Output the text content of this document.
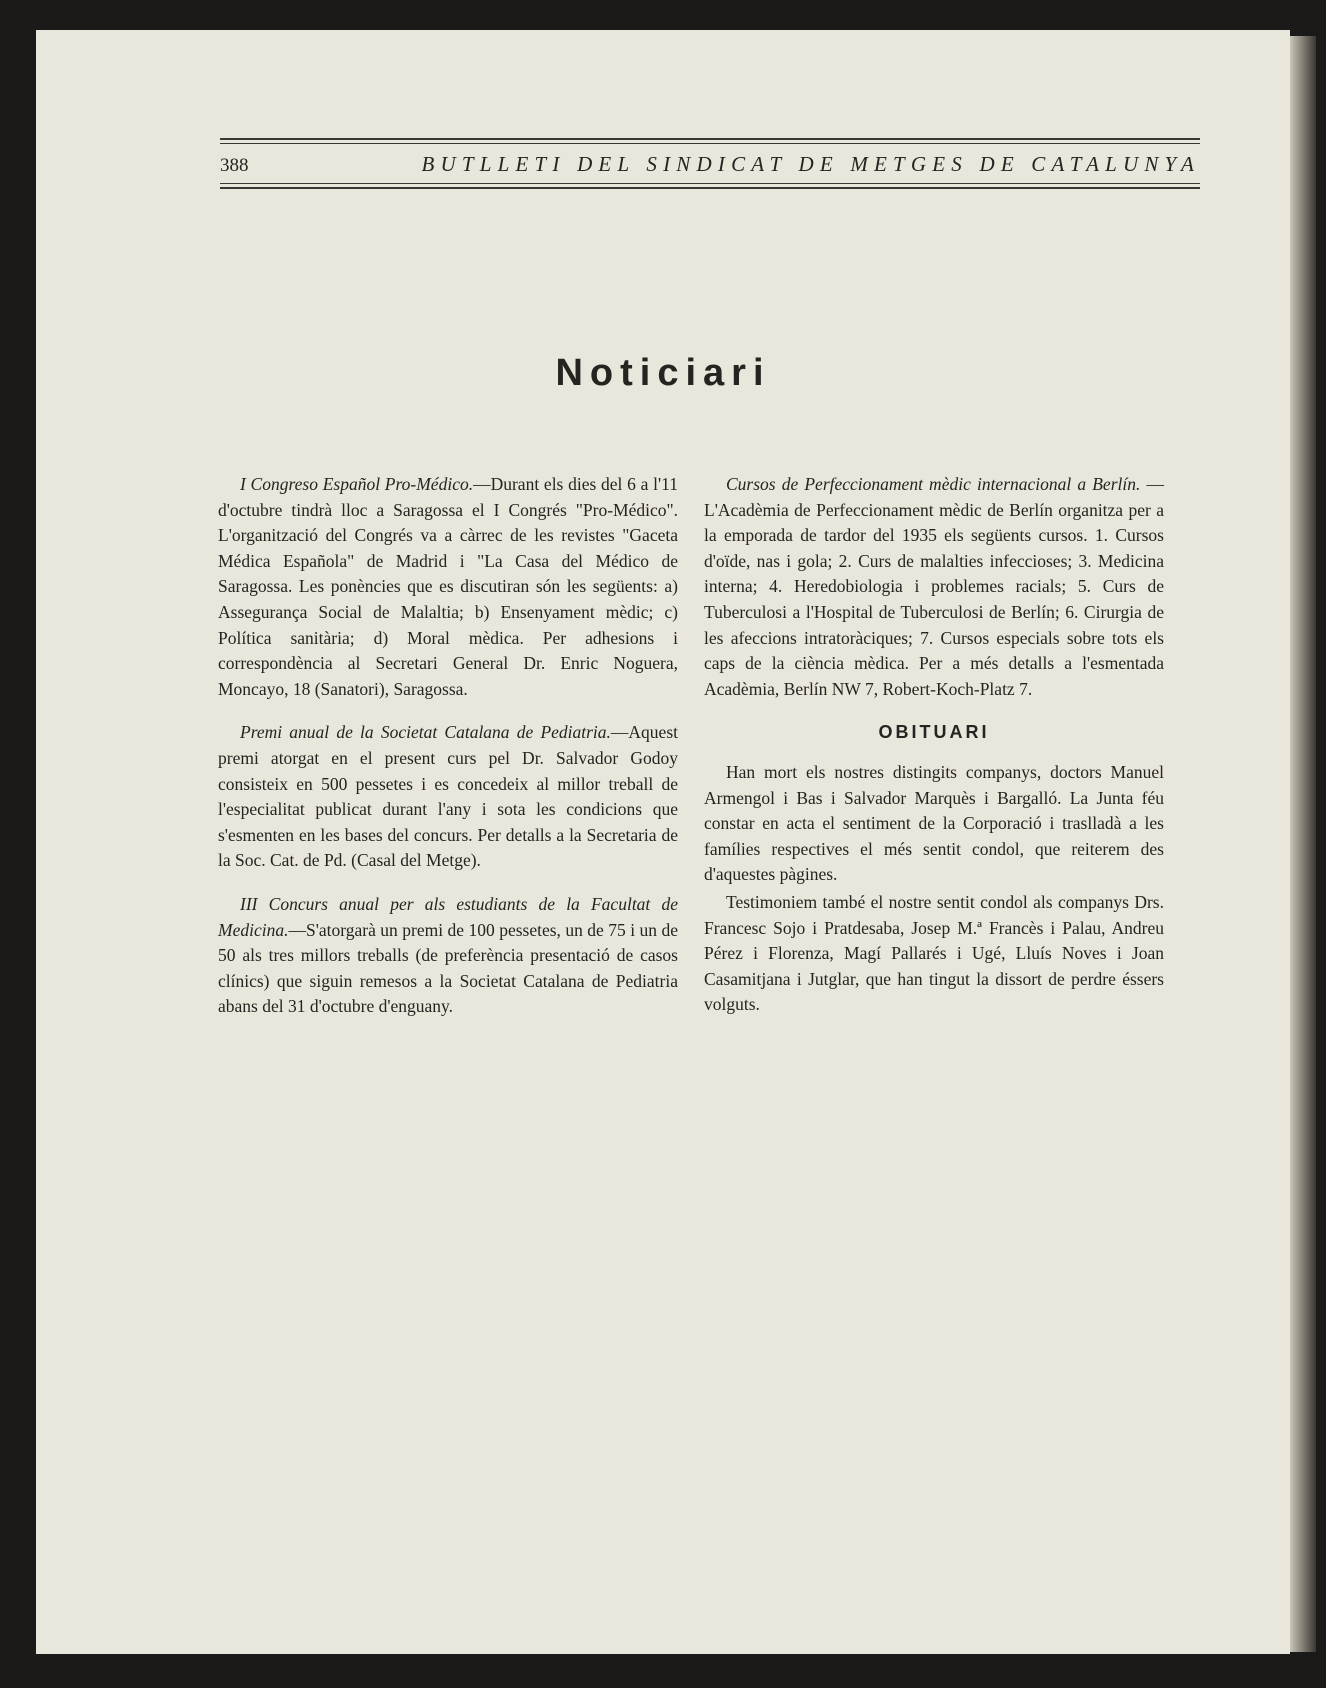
388	BUTLLETI DEL SINDICAT DE METGES DE CATALUNYA
Noticiari

I Congreso Español Pro-Médico.—Durant els dies del 6 a l'11 d'octubre tindrà lloc a Saragossa el I Congrés "Pro-Médico". L'organització del Congrés va a càrrec de les revistes "Gaceta Médica Española" de Madrid i "La Casa del Médico de Saragossa. Les ponències que es discutiran són les següents: a) Assegurança Social de Malaltia; b) Ensenyament mèdic; c) Política sanitària; d) Moral mèdica. Per adhesions i correspondència al Secretari General Dr. Enric Noguera, Moncayo, 18 (Sanatori), Saragossa.

Premi anual de la Societat Catalana de Pediatria.—Aquest premi atorgat en el present curs pel Dr. Salvador Godoy consisteix en 500 pessetes i es concedeix al millor treball de l'especialitat publicat durant l'any i sota les condicions que s'esmenten en les bases del concurs. Per detalls a la Secretaria de la Soc. Cat. de Pd. (Casal del Metge).

III Concurs anual per als estudiants de la Facultat de Medicina.—S'atorgarà un premi de 100 pessetes, un de 75 i un de 50 als tres millors treballs (de preferència presentació de casos clínics) que siguin remesos a la Societat Catalana de Pediatria abans del 31 d'octubre d'enguany.

Cursos de Perfeccionament mèdic internacional a Berlín. — L'Acadèmia de Perfeccionament mèdic de Berlín organitza per a la emporada de tardor del 1935 els següents cursos. 1. Cursos d'oïde, nas i gola; 2. Curs de malalties infeccioses; 3. Medicina interna; 4. Heredobiologia i problemes racials; 5. Curs de Tuberculosi a l'Hospital de Tuberculosi de Berlín; 6. Cirurgia de les afeccions intratoràciques; 7. Cursos especials sobre tots els caps de la ciència mèdica. Per a més detalls a l'esmentada Acadèmia, Berlín NW 7, Robert-Koch-Platz 7.

OBITUARI

Han mort els nostres distingits companys, doctors Manuel Armengol i Bas i Salvador Marquès i Bargalló. La Junta féu constar en acta el sentiment de la Corporació i traslladà a les famílies respectives el més sentit condol, que reiterem des d'aquestes pàgines.

Testimoniem també el nostre sentit condol als companys Drs. Francesc Sojo i Pratdesaba, Josep M.ª Francès i Palau, Andreu Pérez i Florenza, Magí Pallarés i Ugé, Lluís Noves i Joan Casamitjana i Jutglar, que han tingut la dissort de perdre éssers volguts.
